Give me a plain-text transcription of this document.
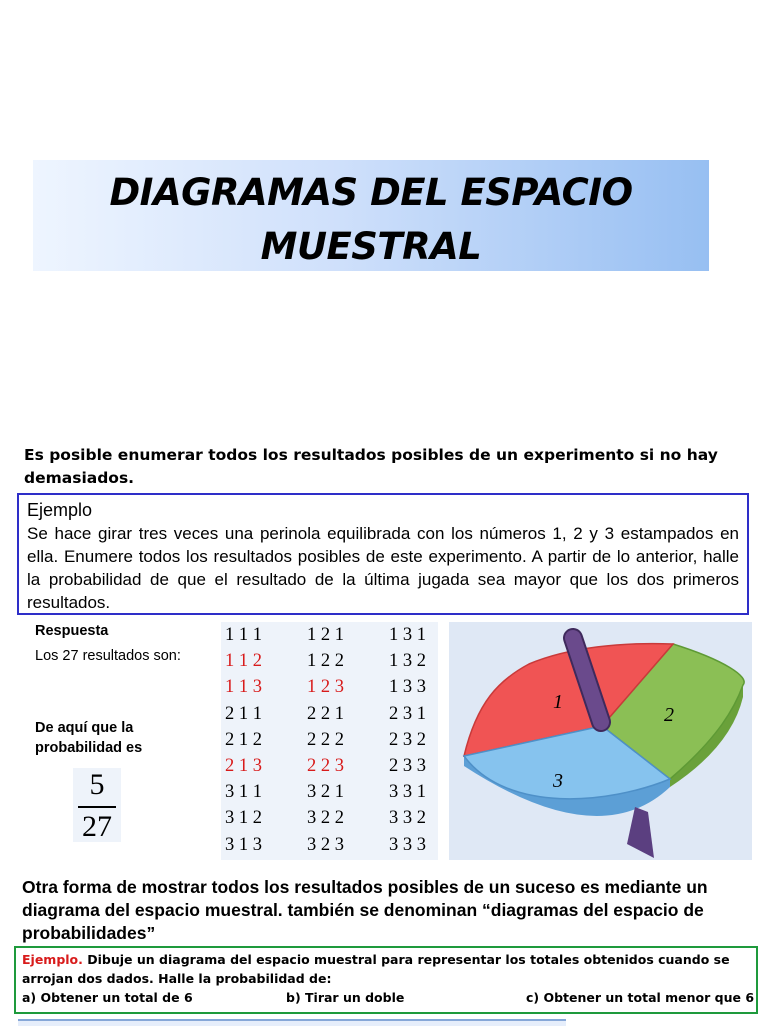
DIAGRAMAS DEL ESPACIO
MUESTRAL
Es posible enumerar todos los resultados posibles de un experimento si no hay demasiados.
Ejemplo

Se hace girar tres veces una perinola equilibrada con los números 1, 2 y 3 estampados en ella. Enumere todos los resultados posibles de este experimento. A partir de lo anterior, halle la probabilidad de que el resultado de la última jugada sea mayor que los dos primeros resultados.

Respuesta
Los 27 resultados son:
De aquí que la probabilidad es
5
27
1 1 1
1 1 2
1 1 3
2 1 1
2 1 2
2 1 3
3 1 1
3 1 2
3 1 3
1 2 1
1 2 2
1 2 3
2 2 1
2 2 2
2 2 3
3 2 1
3 2 2
3 2 3
1 3 1
1 3 2
1 3 3
2 3 1
2 3 2
2 3 3
3 3 1
3 3 2
3 3 3
1
2
3
Otra forma de mostrar todos los resultados posibles de un suceso es mediante un diagrama del espacio muestral. también se denominan “diagramas del espacio de probabilidades”
Ejemplo. Dibuje un diagrama del espacio muestral para representar los totales obtenidos cuando se arrojan dos dados. Halle la probabilidad de:
a) Obtener un total de 6	b) Tirar un doble	c) Obtener un total menor que 6
